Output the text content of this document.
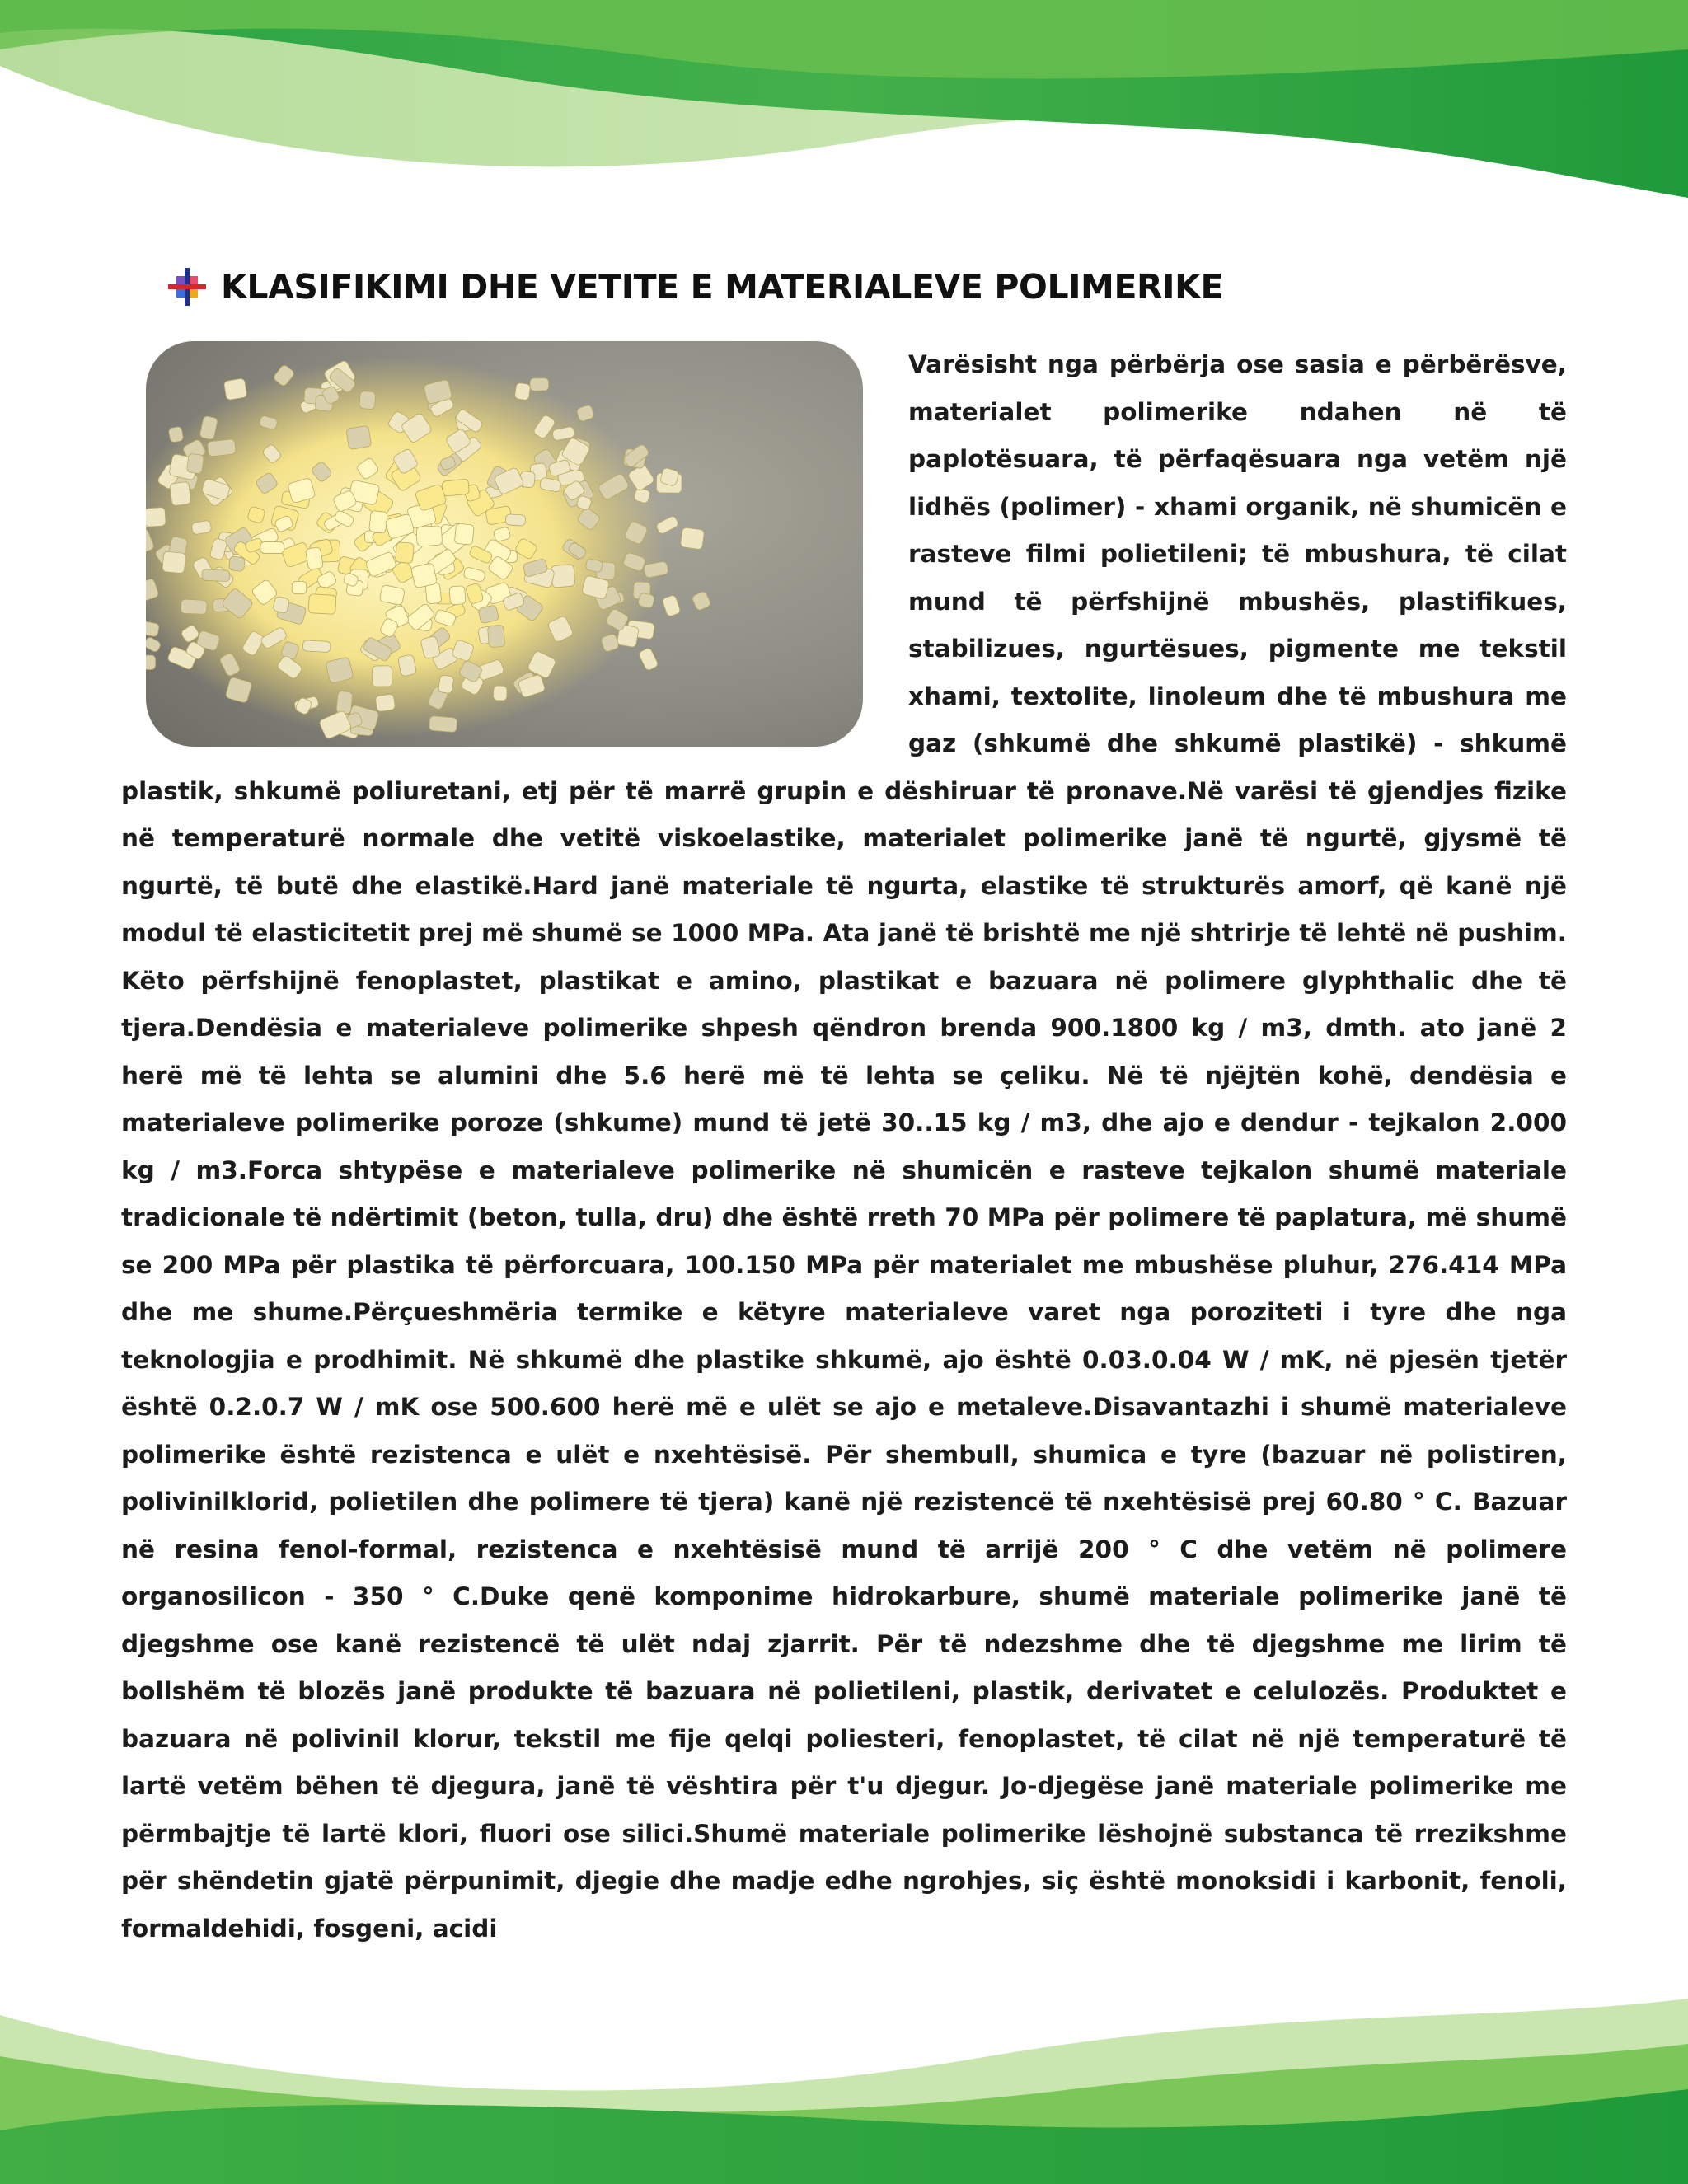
KLASIFIKIMI DHE VETITE E MATERIALEVE POLIMERIKE
Varësisht nga përbërja ose sasia e përbërësve, materialet polimerike ndahen në të paplotësuara, të përfaqësuara nga vetëm një lidhës (polimer) - xhami organik, në shumicën e rasteve filmi polietileni; të mbushura, të cilat mund të përfshijnë mbushës, plastifikues, stabilizues, ngurtësues, pigmente me tekstil xhami, textolite, linoleum dhe të mbushura me gaz (shkumë dhe shkumë plastikë) - shkumë plastik, shkumë poliuretani, etj për të marrë grupin e dëshiruar të pronave.Në varësi të gjendjes fizike në temperaturë normale dhe vetitë viskoelastike, materialet polimerike janë të ngurtë, gjysmë të ngurtë, të butë dhe elastikë.Hard janë materiale të ngurta, elastike të strukturës amorf, që kanë një modul të elasticitetit prej më shumë se 1000 MPa. Ata janë të brishtë me një shtrirje të lehtë në pushim. Këto përfshijnë fenoplastet, plastikat e amino, plastikat e bazuara në polimere glyphthalic dhe të tjera.Dendësia e materialeve polimerike shpesh qëndron brenda 900.1800 kg / m3, dmth. ato janë 2 herë më të lehta se alumini dhe 5.6 herë më të lehta se çeliku. Në të njëjtën kohë, dendësia e materialeve polimerike poroze (shkume) mund të jetë 30..15 kg / m3, dhe ajo e dendur - tejkalon 2.000 kg / m3.Forca shtypëse e materialeve polimerike në shumicën e rasteve tejkalon shumë materiale tradicionale të ndërtimit (beton, tulla, dru) dhe është rreth 70 MPa për polimere të paplatura, më shumë se 200 MPa për plastika të përforcuara, 100.150 MPa për materialet me mbushëse pluhur, 276.414 MPa dhe me shume.Përçueshmëria termike e këtyre materialeve varet nga poroziteti i tyre dhe nga teknologjia e prodhimit. Në shkumë dhe plastike shkumë, ajo është 0.03.0.04 W / mK, në pjesën tjetër është 0.2.0.7 W / mK ose 500.600 herë më e ulët se ajo e metaleve.Disavantazhi i shumë materialeve polimerike është rezistenca e ulët e nxehtësisë. Për shembull, shumica e tyre (bazuar në polistiren, polivinilklorid, polietilen dhe polimere të tjera) kanë një rezistencë të nxehtësisë prej 60.80 ° C. Bazuar në resina fenol-formal, rezistenca e nxehtësisë mund të arrijë 200 ° C dhe vetëm në polimere organosilicon - 350 ° C.Duke qenë komponime hidrokarbure, shumë materiale polimerike janë të djegshme ose kanë rezistencë të ulët ndaj zjarrit. Për të ndezshme dhe të djegshme me lirim të bollshëm të blozës janë produkte të bazuara në polietileni, plastik, derivatet e celulozës. Produktet e bazuara në polivinil klorur, tekstil me fije qelqi poliesteri, fenoplastet, të cilat në një temperaturë të lartë vetëm bëhen të djegura, janë të vështira për t'u djegur. Jo-djegëse janë materiale polimerike me përmbajtje të lartë klori, fluori ose silici.Shumë materiale polimerike lëshojnë substanca të rrezikshme për shëndetin gjatë përpunimit, djegie dhe madje edhe ngrohjes, siç është monoksidi i karbonit, fenoli, formaldehidi, fosgeni, acidi
